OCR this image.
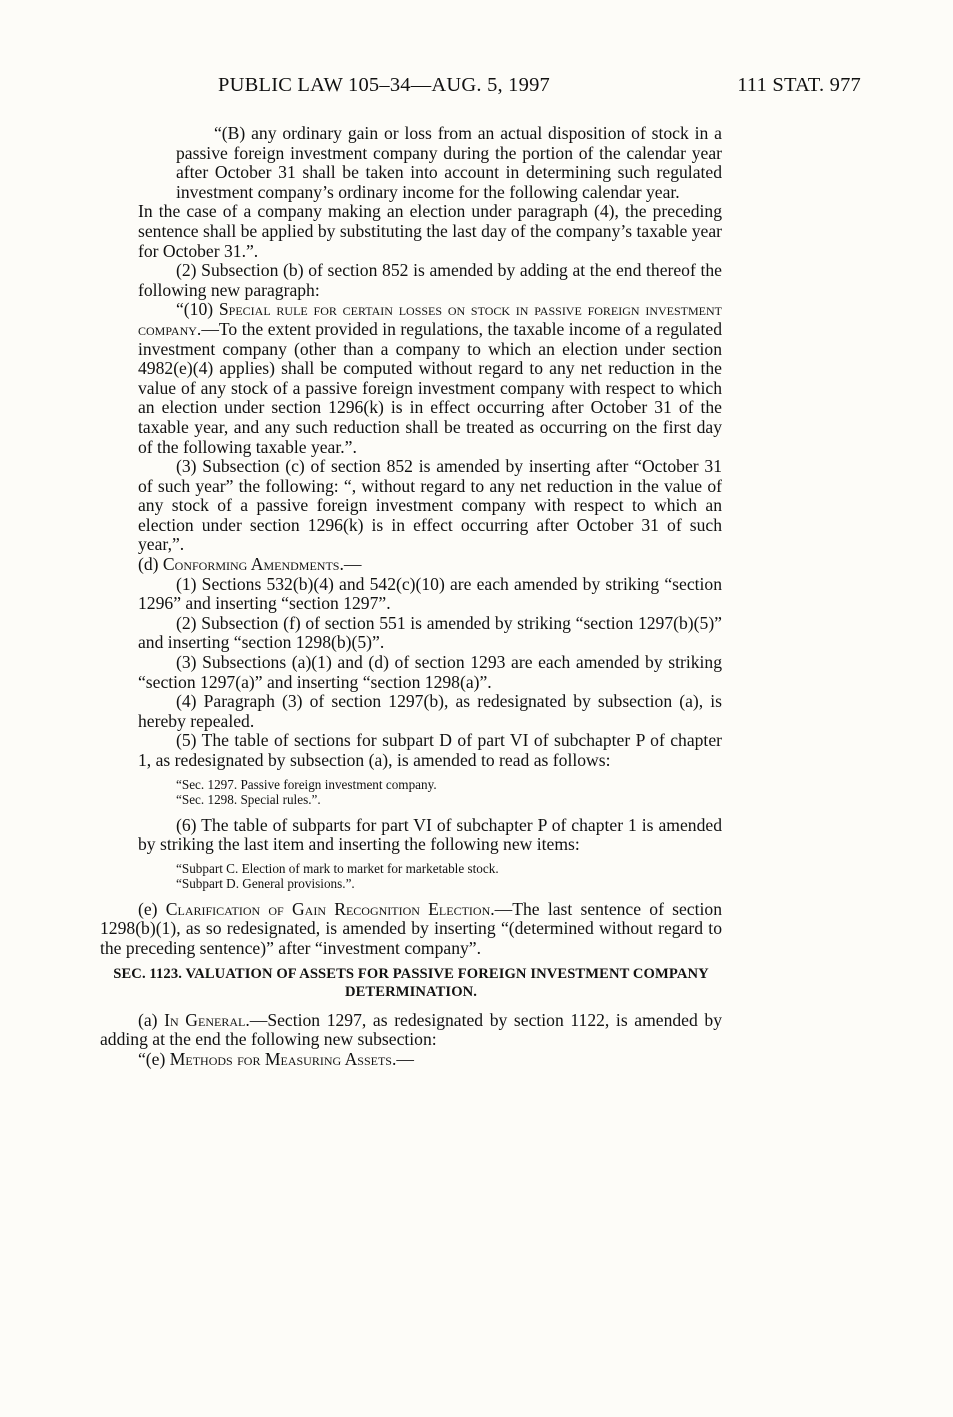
PUBLIC LAW 105–34—AUG. 5, 1997	111 STAT. 977

“(B) any ordinary gain or loss from an actual disposition of stock in a passive foreign investment company during the portion of the calendar year after October 31 shall be taken into account in determining such regulated investment company’s ordinary income for the following calendar year.

In the case of a company making an election under paragraph (4), the preceding sentence shall be applied by substituting the last day of the company’s taxable year for October 31.”.

(2) Subsection (b) of section 852 is amended by adding at the end thereof the following new paragraph:

“(10) Special rule for certain losses on stock in passive foreign investment company.—To the extent provided in regulations, the taxable income of a regulated investment company (other than a company to which an election under section 4982(e)(4) applies) shall be computed without regard to any net reduction in the value of any stock of a passive foreign investment company with respect to which an election under section 1296(k) is in effect occurring after October 31 of the taxable year, and any such reduction shall be treated as occurring on the first day of the following taxable year.”.

(3) Subsection (c) of section 852 is amended by inserting after “October 31 of such year” the following: “, without regard to any net reduction in the value of any stock of a passive foreign investment company with respect to which an election under section 1296(k) is in effect occurring after October 31 of such year,”.

(d) Conforming Amendments.—

(1) Sections 532(b)(4) and 542(c)(10) are each amended by striking “section 1296” and inserting “section 1297”.

(2) Subsection (f) of section 551 is amended by striking “section 1297(b)(5)” and inserting “section 1298(b)(5)”.

(3) Subsections (a)(1) and (d) of section 1293 are each amended by striking “section 1297(a)” and inserting “section 1298(a)”.

(4) Paragraph (3) of section 1297(b), as redesignated by subsection (a), is hereby repealed.

(5) The table of sections for subpart D of part VI of subchapter P of chapter 1, as redesignated by subsection (a), is amended to read as follows:

“Sec. 1297. Passive foreign investment company.
“Sec. 1298. Special rules.”.

(6) The table of subparts for part VI of subchapter P of chapter 1 is amended by striking the last item and inserting the following new items:

“Subpart C. Election of mark to market for marketable stock.
“Subpart D. General provisions.”.

(e) Clarification of Gain Recognition Election.—The last sentence of section 1298(b)(1), as so redesignated, is amended by inserting “(determined without regard to the preceding sentence)” after “investment company”.

SEC. 1123. VALUATION OF ASSETS FOR PASSIVE FOREIGN INVESTMENT COMPANY DETERMINATION.

(a) In General.—Section 1297, as redesignated by section 1122, is amended by adding at the end the following new subsection:

“(e) Methods for Measuring Assets.—
